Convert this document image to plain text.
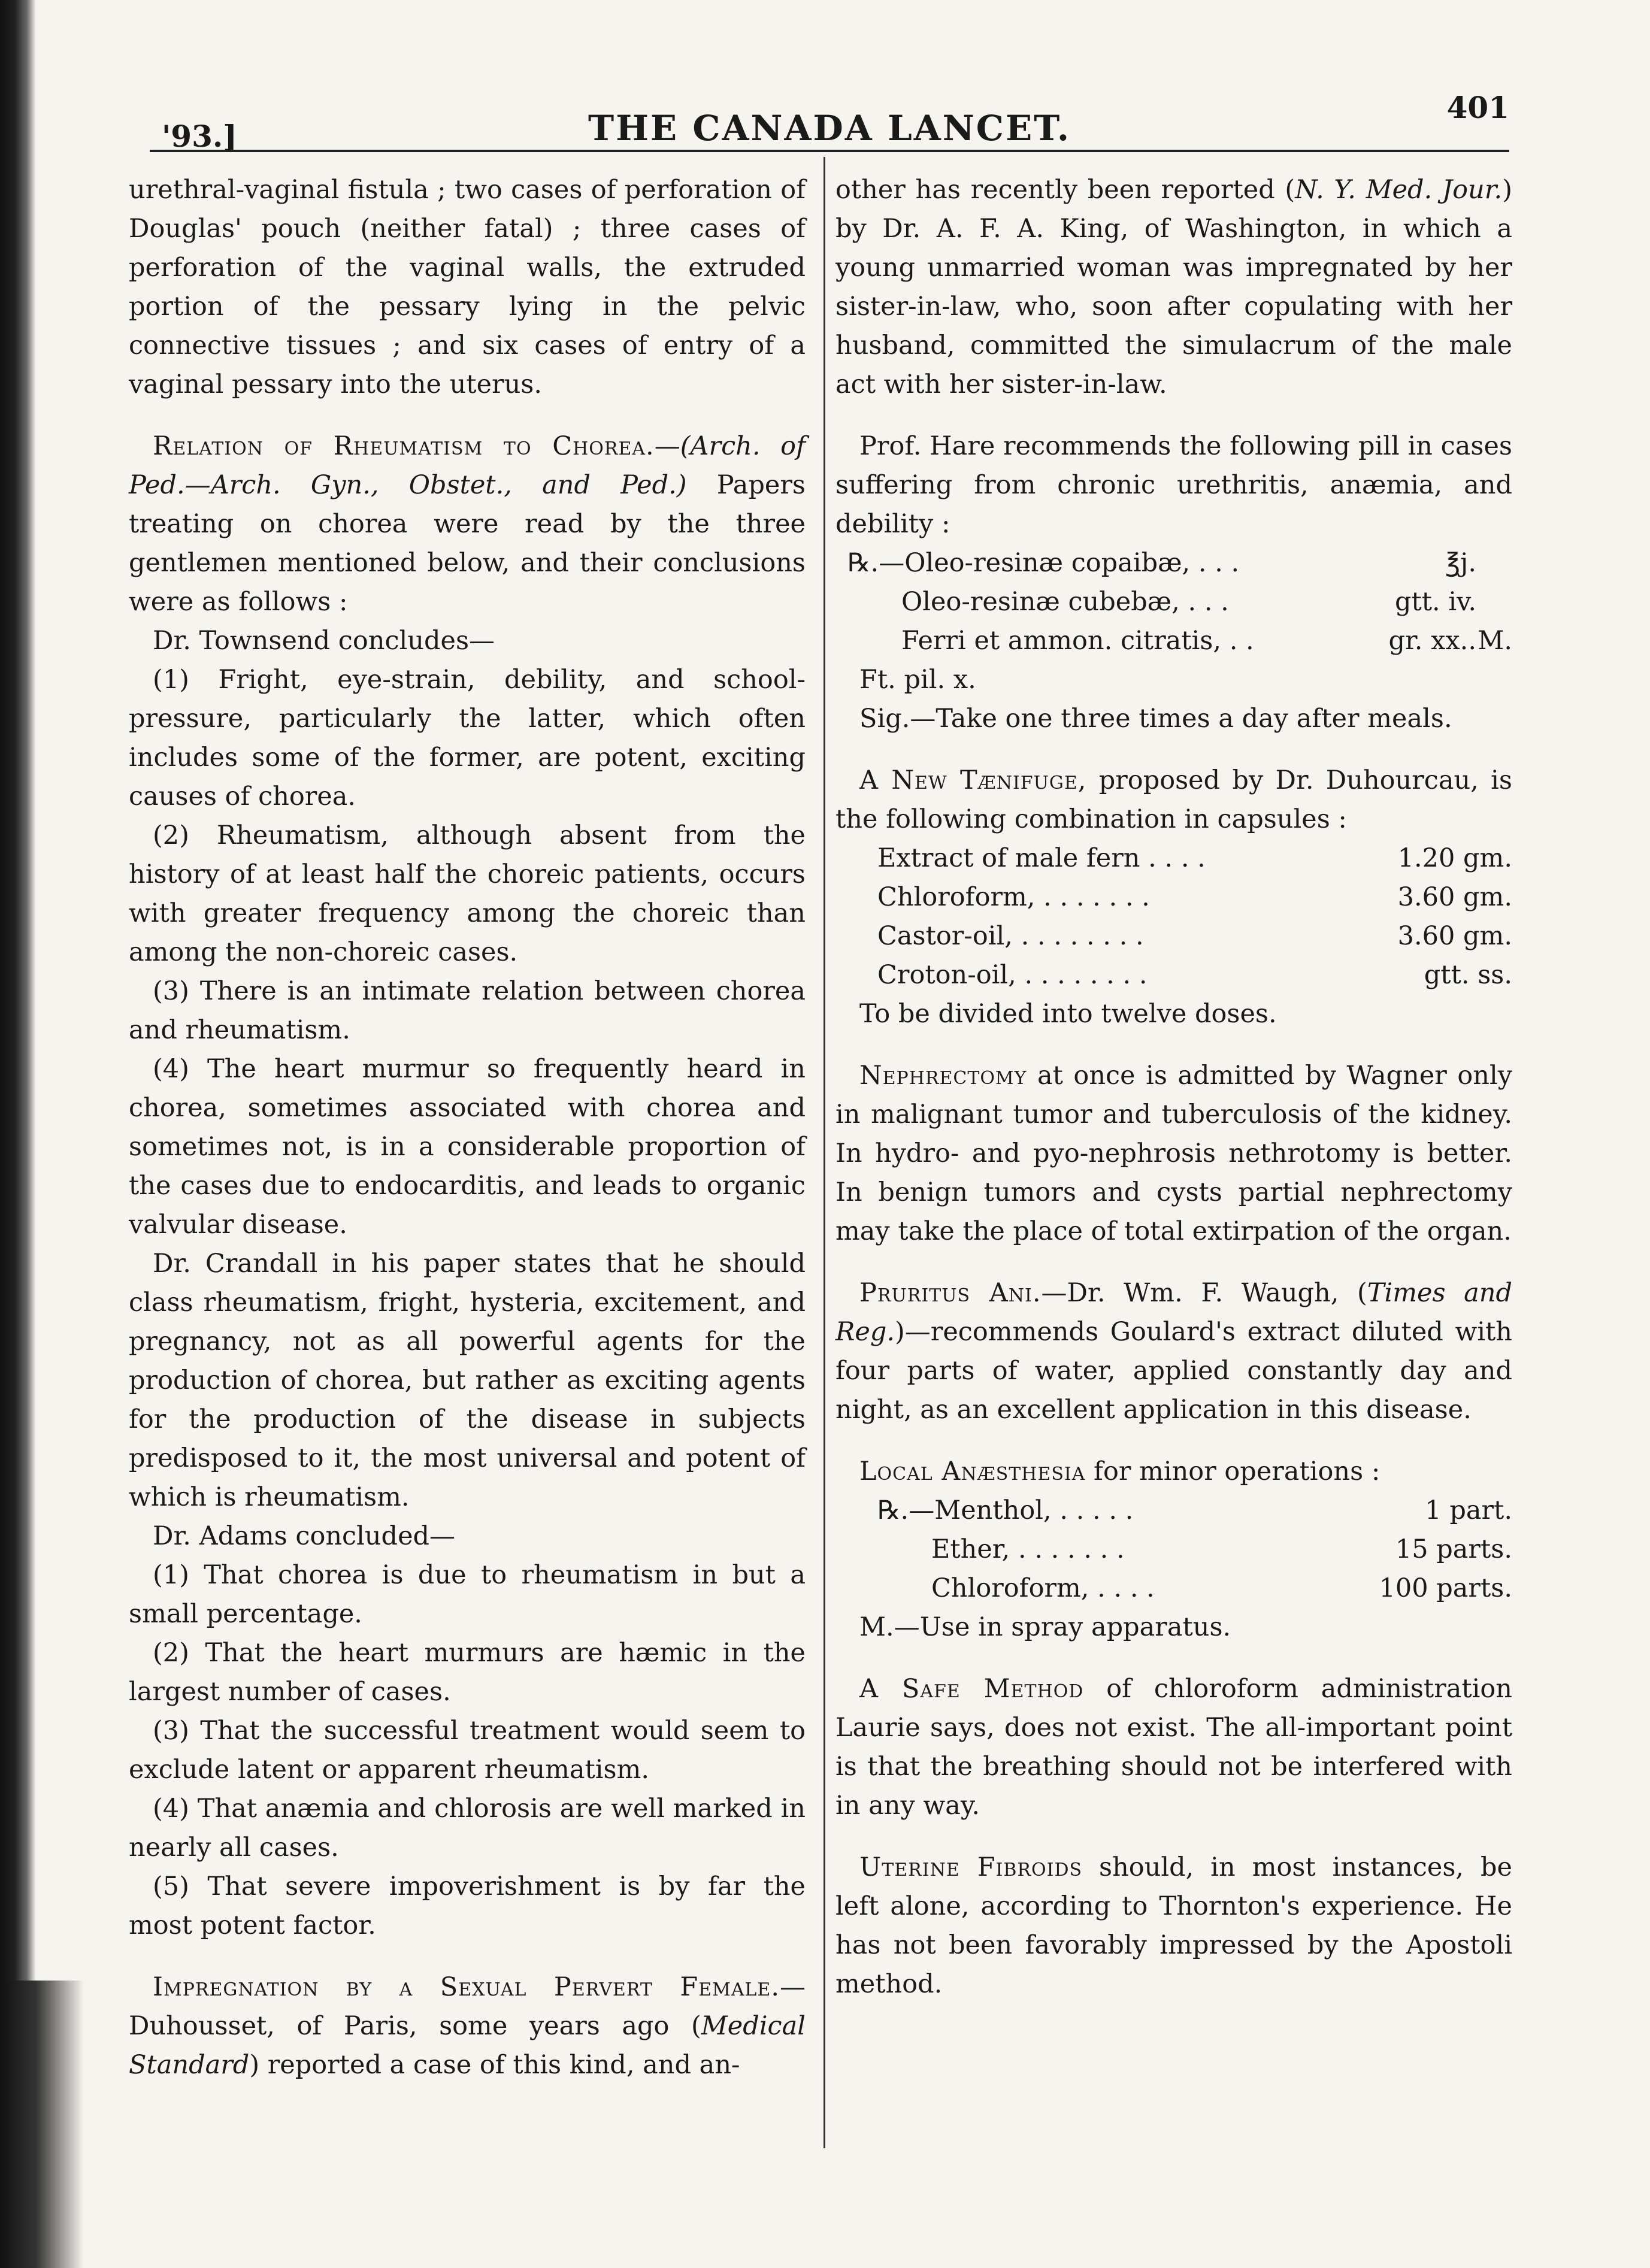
'93.]	THE CANADA LANCET.
401

urethral-vaginal fistula ; two cases of perforation of Douglas' pouch (neither fatal) ; three cases of perforation of the vaginal walls, the extruded portion of the pessary lying in the pelvic connective tissues ; and six cases of entry of a vaginal pessary into the uterus.

Relation of Rheumatism to Chorea.—(Arch. of Ped.—Arch. Gyn., Obstet., and Ped.) Papers treating on chorea were read by the three gentlemen mentioned below, and their conclusions were as follows :

Dr. Townsend concludes—

(1) Fright, eye-strain, debility, and school-pressure, particularly the latter, which often includes some of the former, are potent, exciting causes of chorea.

(2) Rheumatism, although absent from the history of at least half the choreic patients, occurs with greater frequency among the choreic than among the non-choreic cases.

(3) There is an intimate relation between chorea and rheumatism.

(4) The heart murmur so frequently heard in chorea, sometimes associated with chorea and sometimes not, is in a considerable proportion of the cases due to endocarditis, and leads to organic valvular disease.

Dr. Crandall in his paper states that he should class rheumatism, fright, hysteria, excitement, and pregnancy, not as all powerful agents for the production of chorea, but rather as exciting agents for the production of the disease in subjects predisposed to it, the most universal and potent of which is rheumatism.

Dr. Adams concluded—

(1) That chorea is due to rheumatism in but a small percentage.

(2) That the heart murmurs are hæmic in the largest number of cases.

(3) That the successful treatment would seem to exclude latent or apparent rheumatism.

(4) That anæmia and chlorosis are well marked in nearly all cases.

(5) That severe impoverishment is by far the most potent factor.

Impregnation by a Sexual Pervert Female.—Duhousset, of Paris, some years ago (Medical Standard) reported a case of this kind, and an-

other has recently been reported (N. Y. Med. Jour.) by Dr. A. F. A. King, of Washington, in which a young unmarried woman was impregnated by her sister-in-law, who, soon after copulating with her husband, committed the simulacrum of the male act with her sister-in-law.

Prof. Hare recommends the following pill in cases suffering from chronic urethritis, anæmia, and debility :

℞.—Oleo-resinæ copaibæ, . . .	℥j.
Oleo-resinæ cubebæ, . . .	gtt. iv.
Ferri et ammon. citratis, . .	gr. xx.. M.

Ft. pil. x.

Sig.—Take one three times a day after meals.

A New Tænifuge, proposed by Dr. Duhourcau, is the following combination in capsules :

Extract of male fern . . . .	1.20 gm.
Chloroform, . . . . . . .	3.60 gm.
Castor-oil, . . . . . . . .	3.60 gm.
Croton-oil, . . . . . . . .	gtt. ss.

To be divided into twelve doses.

Nephrectomy at once is admitted by Wagner only in malignant tumor and tuberculosis of the kidney. In hydro- and pyo-nephrosis nethrotomy is better. In benign tumors and cysts partial nephrectomy may take the place of total extirpation of the organ.

Pruritus Ani.—Dr. Wm. F. Waugh, (Times and Reg.)—recommends Goulard's extract diluted with four parts of water, applied constantly day and night, as an excellent application in this disease.

Local Anæsthesia for minor operations :

℞.—Menthol, . . . . .	1 part.
Ether, . . . . . . .	15 parts.
Chloroform, . . . .	100 parts.

M.—Use in spray apparatus.

A Safe Method of chloroform administration Laurie says, does not exist. The all-important point is that the breathing should not be interfered with in any way.

Uterine Fibroids should, in most instances, be left alone, according to Thornton's experience. He has not been favorably impressed by the Apostoli method.
